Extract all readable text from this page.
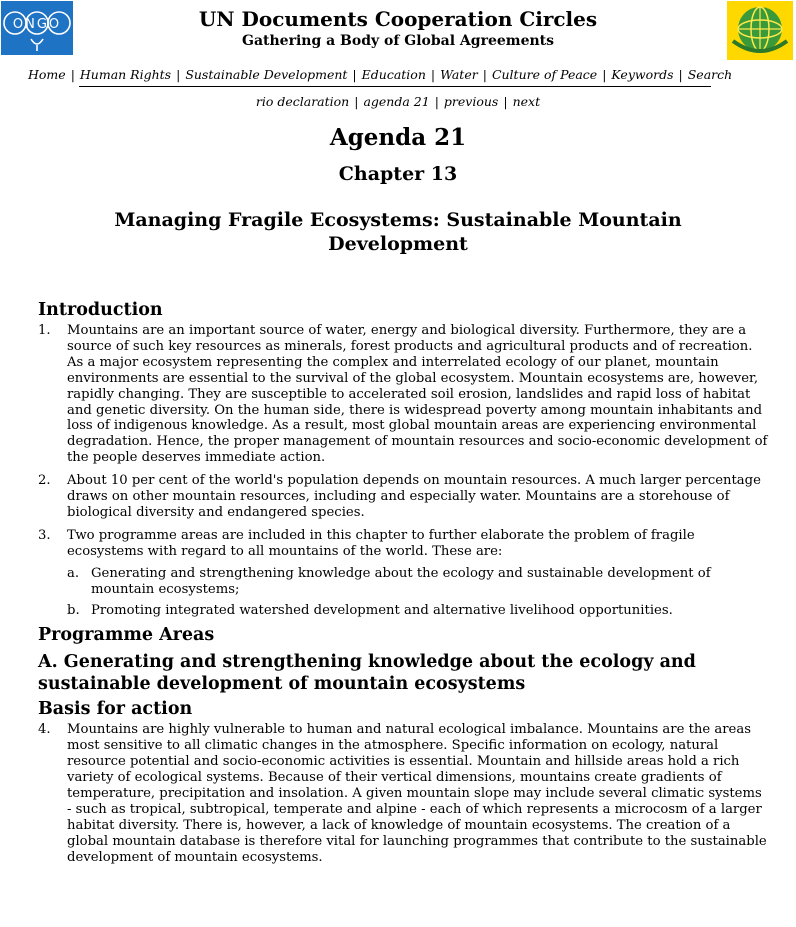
ONGO	UN Documents Cooperation Circles
Gathering a Body of Global Agreements
Home | Human Rights | Sustainable Development | Education | Water | Culture of Peace | Keywords | Search
rio declaration | agenda 21 | previous | next
Agenda 21
Chapter 13
Managing Fragile Ecosystems: Sustainable Mountain
Development
Introduction
1. Mountains are an important source of water, energy and biological diversity. Furthermore, they are a source of such key resources as minerals, forest products and agricultural products and of recreation. As a major ecosystem representing the complex and interrelated ecology of our planet, mountain environments are essential to the survival of the global ecosystem. Mountain ecosystems are, however, rapidly changing. They are susceptible to accelerated soil erosion, landslides and rapid loss of habitat and genetic diversity. On the human side, there is widespread poverty among mountain inhabitants and loss of indigenous knowledge. As a result, most global mountain areas are experiencing environmental degradation. Hence, the proper management of mountain resources and socio-economic development of the people deserves immediate action.
2. About 10 per cent of the world's population depends on mountain resources. A much larger percentage draws on other mountain resources, including and especially water. Mountains are a storehouse of biological diversity and endangered species.
3. Two programme areas are included in this chapter to further elaborate the problem of fragile ecosystems with regard to all mountains of the world. These are:
a. Generating and strengthening knowledge about the ecology and sustainable development of mountain ecosystems;
b. Promoting integrated watershed development and alternative livelihood opportunities.
Programme Areas
A. Generating and strengthening knowledge about the ecology and
sustainable development of mountain ecosystems
Basis for action
4. Mountains are highly vulnerable to human and natural ecological imbalance. Mountains are the areas most sensitive to all climatic changes in the atmosphere. Specific information on ecology, natural resource potential and socio-economic activities is essential. Mountain and hillside areas hold a rich variety of ecological systems. Because of their vertical dimensions, mountains create gradients of temperature, precipitation and insolation. A given mountain slope may include several climatic systems - such as tropical, subtropical, temperate and alpine - each of which represents a microcosm of a larger habitat diversity. There is, however, a lack of knowledge of mountain ecosystems. The creation of a global mountain database is therefore vital for launching programmes that contribute to the sustainable development of mountain ecosystems.
